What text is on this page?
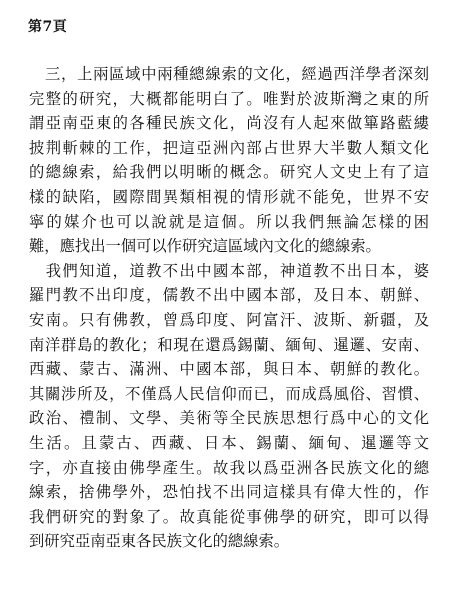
第7頁
　三，上兩區域中兩種總線索的文化，經過西洋學者深刻
完整的研究，大概都能明白了。唯對於波斯灣之東的所
謂亞南亞東的各種民族文化，尚沒有人起來做篳路藍縷
披荆斬棘的工作，把這亞洲內部占世界大半數人類文化
的總線索，給我們以明晰的概念。研究人文史上有了這
樣的缺陷，國際間異類相視的情形就不能免，世界不安
寧的媒介也可以說就是這個。所以我們無論怎樣的困
難，應找出一個可以作研究這區域內文化的總線索。
　我們知道，道教不出中國本部，神道教不出日本，婆
羅門教不出印度，儒教不出中國本部，及日本、朝鮮、
安南。只有佛教，曾爲印度、阿富汗、波斯、新疆，及
南洋群島的教化；和現在還爲錫蘭、緬甸、暹邏、安南、
西藏、蒙古、滿洲、中國本部，與日本、朝鮮的教化。
其關涉所及，不僅爲人民信仰而已，而成爲風俗、習慣、
政治、禮制、文學、美術等全民族思想行爲中心的文化
生活。且蒙古、西藏、日本、錫蘭、緬甸、暹邏等文
字，亦直接由佛學產生。故我以爲亞洲各民族文化的總
線索，捨佛學外，恐怕找不出同這樣具有偉大性的，作
我們研究的對象了。故真能從事佛學的研究，即可以得
到研究亞南亞東各民族文化的總線索。
